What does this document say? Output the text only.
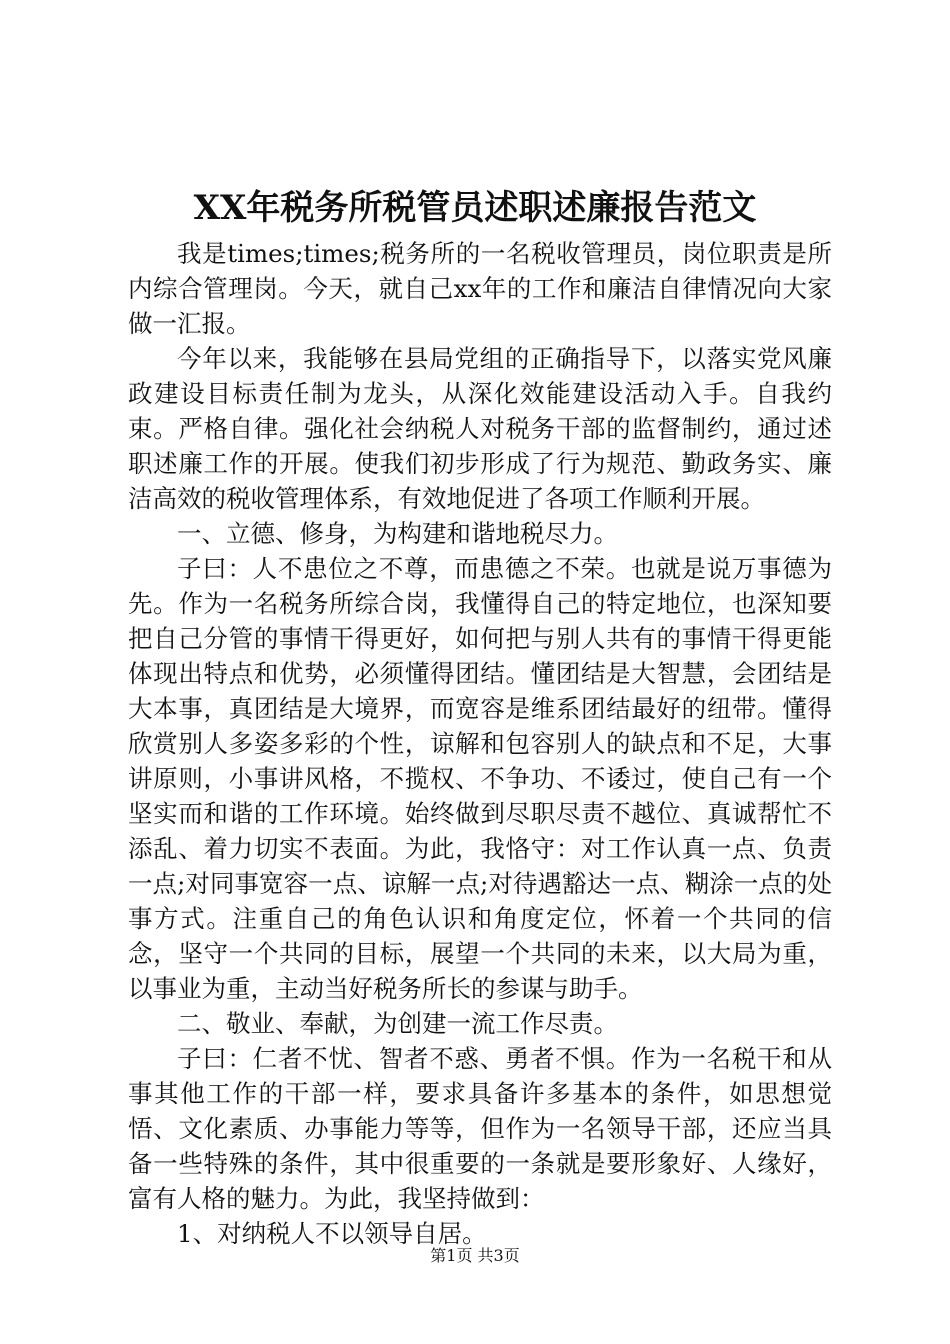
XX年税务所税管员述职述廉报告范文

我是times;times;税务所的一名税收管理员，岗位职责是所内综合管理岗。今天，就自己xx年的工作和廉洁自律情况向大家做一汇报。

今年以来，我能够在县局党组的正确指导下，以落实党风廉政建设目标责任制为龙头，从深化效能建设活动入手。自我约束。严格自律。强化社会纳税人对税务干部的监督制约，通过述职述廉工作的开展。使我们初步形成了行为规范、勤政务实、廉洁高效的税收管理体系，有效地促进了各项工作顺利开展。

一、立德、修身，为构建和谐地税尽力。

子曰：人不患位之不尊，而患德之不荣。也就是说万事德为先。作为一名税务所综合岗，我懂得自己的特定地位，也深知要把自己分管的事情干得更好，如何把与别人共有的事情干得更能体现出特点和优势，必须懂得团结。懂团结是大智慧，会团结是大本事，真团结是大境界，而宽容是维系团结最好的纽带。懂得欣赏别人多姿多彩的个性，谅解和包容别人的缺点和不足，大事讲原则，小事讲风格，不揽权、不争功、不诿过，使自己有一个坚实而和谐的工作环境。始终做到尽职尽责不越位、真诚帮忙不添乱、着力切实不表面。为此，我恪守：对工作认真一点、负责一点;对同事宽容一点、谅解一点;对待遇豁达一点、糊涂一点的处事方式。注重自己的角色认识和角度定位，怀着一个共同的信念，坚守一个共同的目标，展望一个共同的未来，以大局为重，以事业为重，主动当好税务所长的参谋与助手。

二、敬业、奉献，为创建一流工作尽责。

子曰：仁者不忧、智者不惑、勇者不惧。作为一名税干和从事其他工作的干部一样，要求具备许多基本的条件，如思想觉悟、文化素质、办事能力等等，但作为一名领导干部，还应当具备一些特殊的条件，其中很重要的一条就是要形象好、人缘好，富有人格的魅力。为此，我坚持做到：

1、对纳税人不以领导自居。

第1页 共3页
